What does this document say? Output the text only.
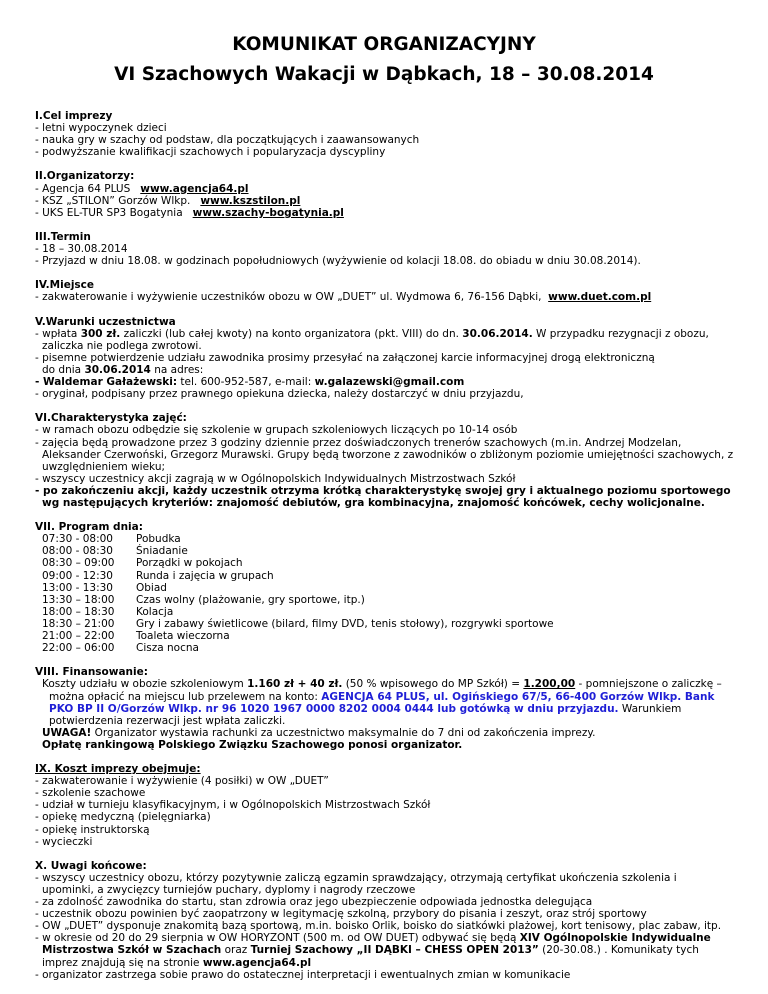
KOMUNIKAT ORGANIZACYJNY
VI Szachowych Wakacji w Dąbkach, 18 – 30.08.2014
I.Cel imprezy
- letni wypoczynek dzieci
- nauka gry w szachy od podstaw, dla początkujących i zaawansowanych
- podwyższanie kwalifikacji szachowych i popularyzacja dyscypliny
II.Organizatorzy:
- Agencja 64 PLUS www.agencja64.pl
- KSZ „STILON” Gorzów Wlkp. www.kszstilon.pl
- UKS EL-TUR SP3 Bogatynia www.szachy-bogatynia.pl
III.Termin
- 18 – 30.08.2014
- Przyjazd w dniu 18.08. w godzinach popołudniowych (wyżywienie od kolacji 18.08. do obiadu w dniu 30.08.2014).
IV.Miejsce
- zakwaterowanie i wyżywienie uczestników obozu w OW „DUET” ul. Wydmowa 6, 76-156 Dąbki, www.duet.com.pl
V.Warunki uczestnictwa
- wpłata 300 zł. zaliczki (lub całej kwoty) na konto organizatora (pkt. VIII) do dn. 30.06.2014. W przypadku rezygnacji z obozu,
zaliczka nie podlega zwrotowi.
- pisemne potwierdzenie udziału zawodnika prosimy przesyłać na załączonej karcie informacyjnej drogą elektroniczną
do dnia 30.06.2014 na adres:
- Waldemar Gałażewski: tel. 600-952-587, e-mail: w.galazewski@gmail.com
- oryginał, podpisany przez prawnego opiekuna dziecka, należy dostarczyć w dniu przyjazdu,
VI.Charakterystyka zajęć:
- w ramach obozu odbędzie się szkolenie w grupach szkoleniowych liczących po 10-14 osób
- zajęcia będą prowadzone przez 3 godziny dziennie przez doświadczonych trenerów szachowych (m.in. Andrzej Modzelan,
Aleksander Czerwoński, Grzegorz Murawski. Grupy będą tworzone z zawodników o zbliżonym poziomie umiejętności szachowych, z
uwzględnieniem wieku;
- wszyscy uczestnicy akcji zagrają w w Ogólnopolskich Indywidualnych Mistrzostwach Szkół
- po zakończeniu akcji, każdy uczestnik otrzyma krótką charakterystykę swojej gry i aktualnego poziomu sportowego
wg następujących kryteriów: znajomość debiutów, gra kombinacyjna, znajomość końcówek, cechy wolicjonalne.
VII. Program dnia:
07:30 - 08:00	Pobudka
08:00 - 08:30	Śniadanie
08:30 – 09:00	Porządki w pokojach
09:00 - 12:30	Runda i zajęcia w grupach
13:00 - 13:30	Obiad
13:30 – 18:00	Czas wolny (plażowanie, gry sportowe, itp.)
18:00 – 18:30	Kolacja
18:30 – 21:00	Gry i zabawy świetlicowe (bilard, filmy DVD, tenis stołowy), rozgrywki sportowe
21:00 – 22:00	Toaleta wieczorna
22:00 – 06:00	Cisza nocna
VIII. Finansowanie:
Koszty udziału w obozie szkoleniowym 1.160 zł + 40 zł. (50 % wpisowego do MP Szkół) = 1.200,00 - pomniejszone o zaliczkę –
można opłacić na miejscu lub przelewem na konto: AGENCJA 64 PLUS, ul. Ogińskiego 67/5, 66-400 Gorzów Wlkp. Bank
PKO BP II O/Gorzów Wlkp. nr 96 1020 1967 0000 8202 0004 0444 lub gotówką w dniu przyjazdu. Warunkiem
potwierdzenia rezerwacji jest wpłata zaliczki.
UWAGA! Organizator wystawia rachunki za uczestnictwo maksymalnie do 7 dni od zakończenia imprezy.
Opłatę rankingową Polskiego Związku Szachowego ponosi organizator.
IX. Koszt imprezy obejmuje:
- zakwaterowanie i wyżywienie (4 posiłki) w OW „DUET”
- szkolenie szachowe
- udział w turnieju klasyfikacyjnym, i w Ogólnopolskich Mistrzostwach Szkół
- opiekę medyczną (pielęgniarka)
- opiekę instruktorską
- wycieczki
X. Uwagi końcowe:
- wszyscy uczestnicy obozu, którzy pozytywnie zaliczą egzamin sprawdzający, otrzymają certyfikat ukończenia szkolenia i
upominki, a zwycięzcy turniejów puchary, dyplomy i nagrody rzeczowe
- za zdolność zawodnika do startu, stan zdrowia oraz jego ubezpieczenie odpowiada jednostka delegująca
- uczestnik obozu powinien być zaopatrzony w legitymację szkolną, przybory do pisania i zeszyt, oraz strój sportowy
- OW „DUET” dysponuje znakomitą bazą sportową, m.in. boisko Orlik, boisko do siatkówki plażowej, kort tenisowy, plac zabaw, itp.
- w okresie od 20 do 29 sierpnia w OW HORYZONT (500 m. od OW DUET) odbywać się będą XIV Ogólnopolskie Indywidualne
Mistrzostwa Szkół w Szachach oraz Turniej Szachowy „II DĄBKI – CHESS OPEN 2013” (20-30.08.) . Komunikaty tych
imprez znajdują się na stronie www.agencja64.pl
- organizator zastrzega sobie prawo do ostatecznej interpretacji i ewentualnych zmian w komunikacie
